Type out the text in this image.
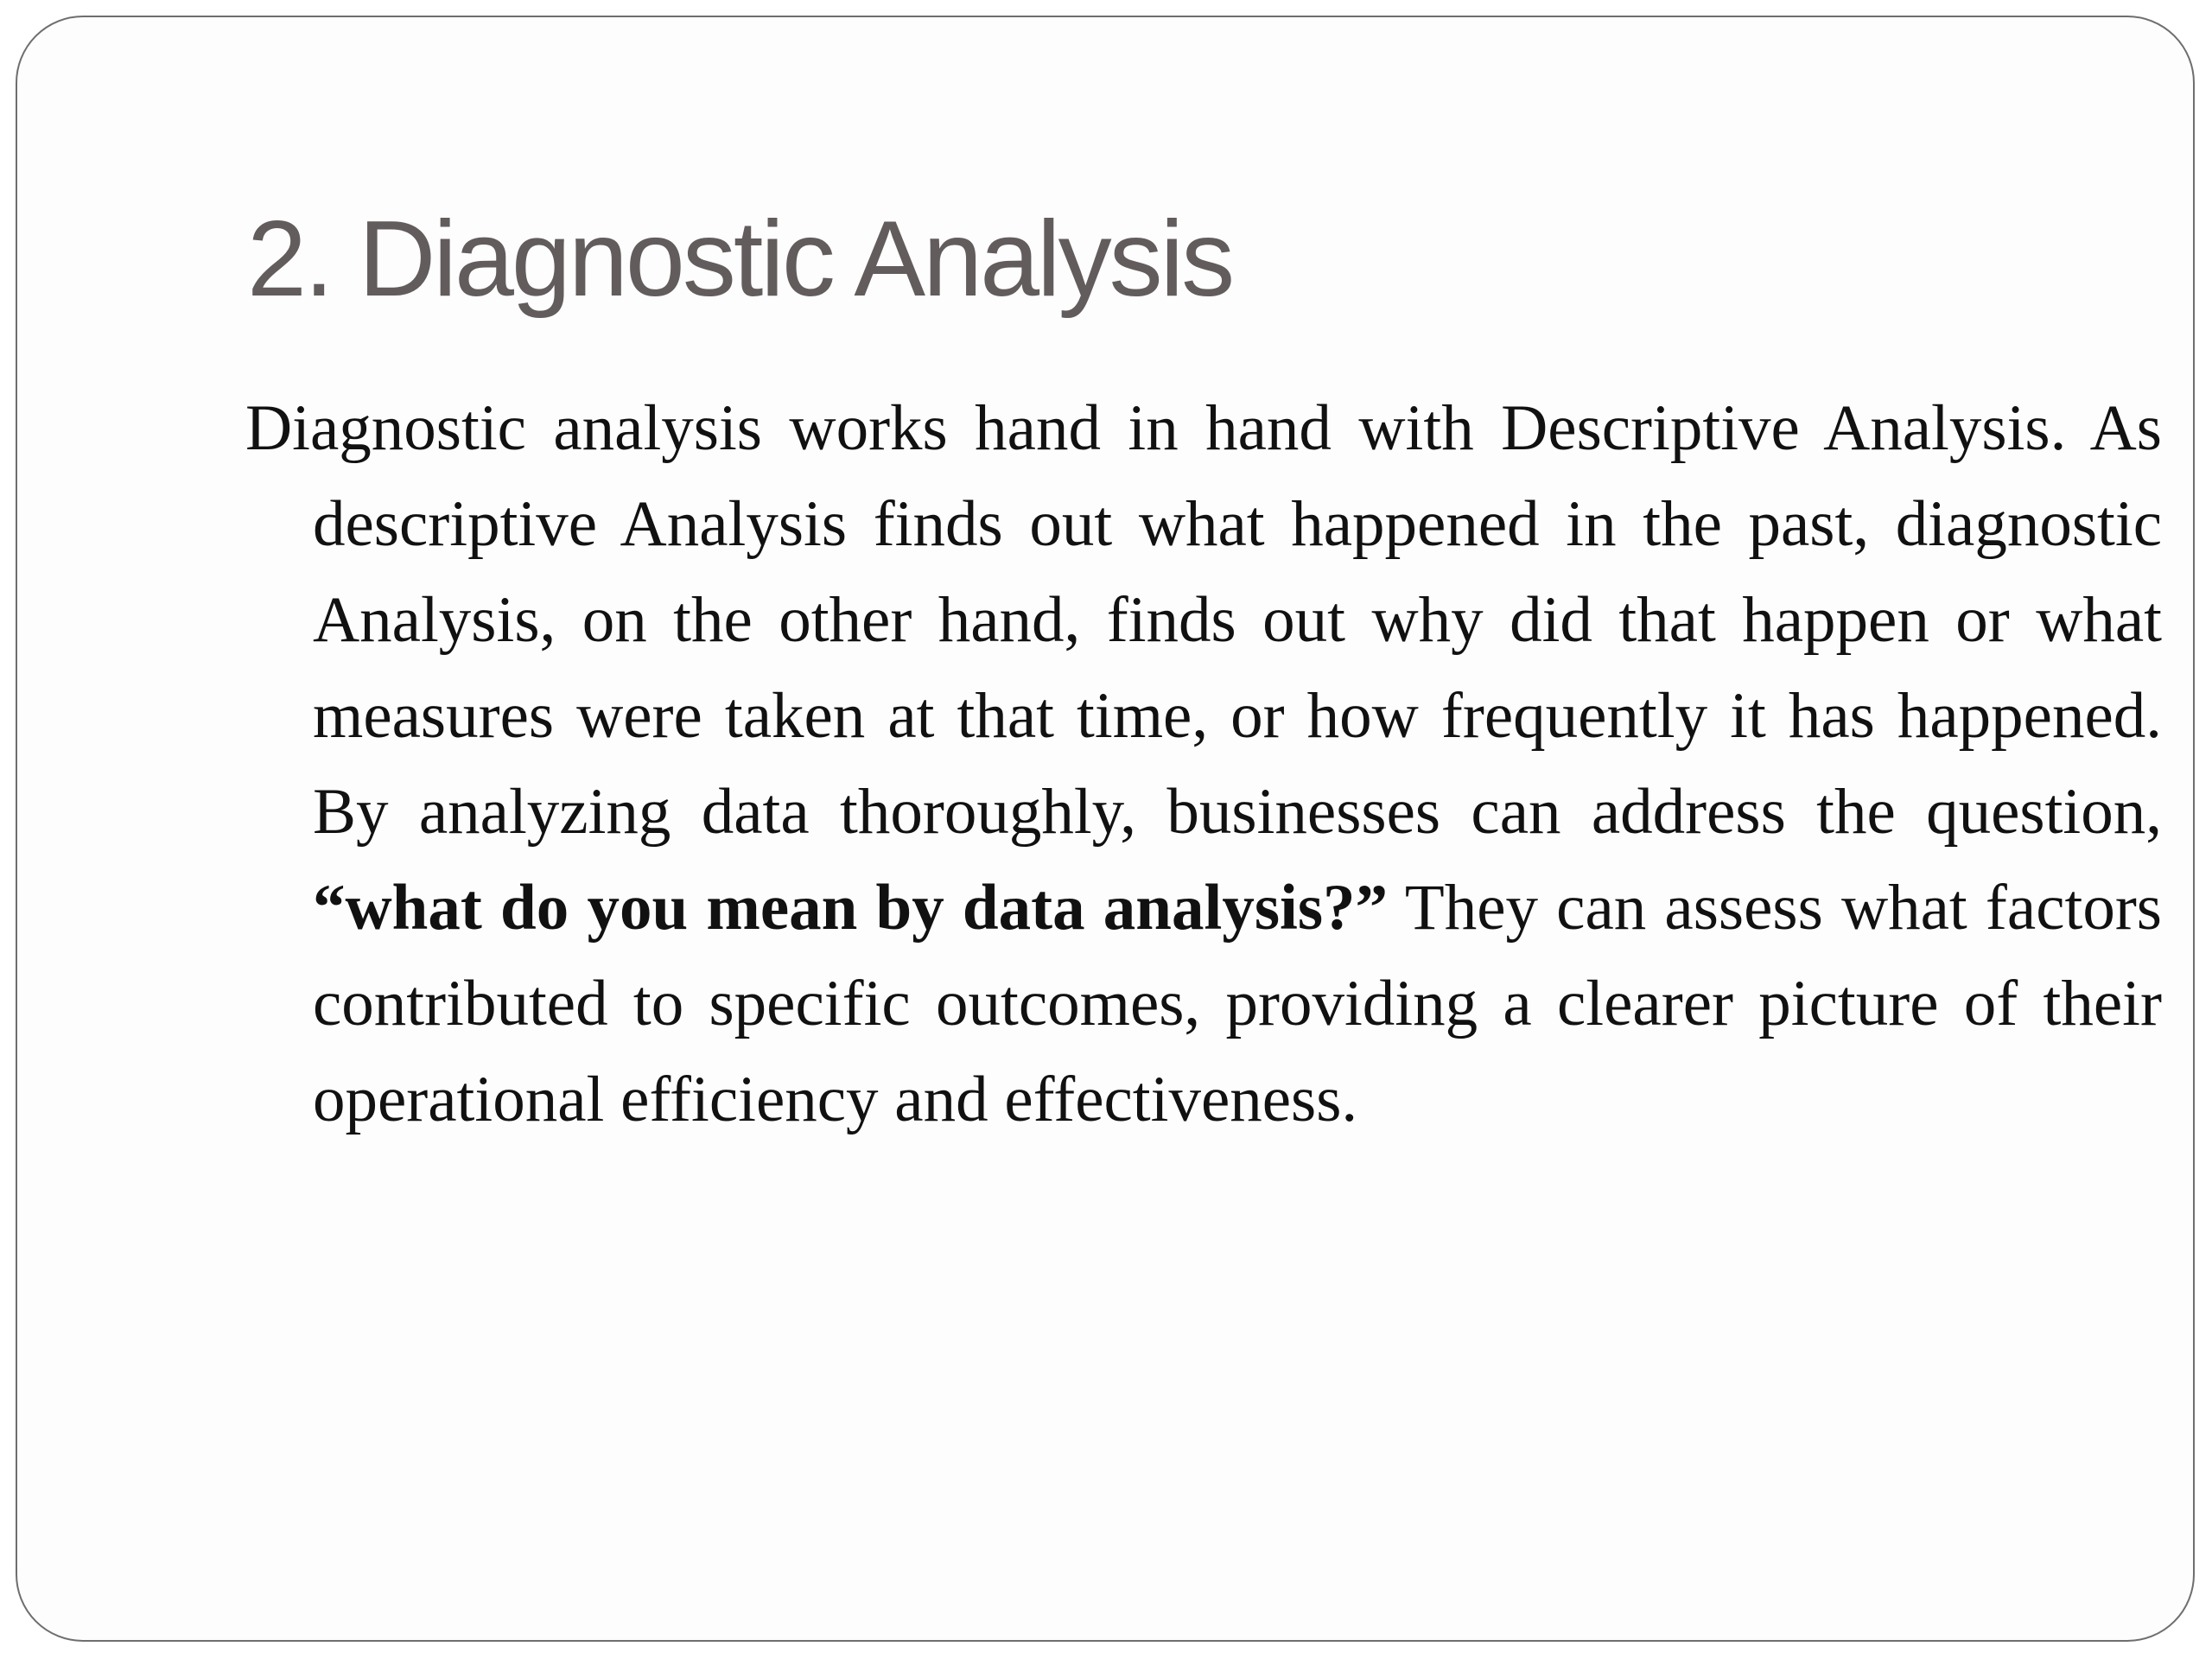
2. Diagnostic Analysis

Diagnostic analysis works hand in hand with Descriptive Analysis. As descriptive Analysis finds out what happened in the past, diagnostic Analysis, on the other hand, finds out why did that happen or what measures were taken at that time, or how frequently it has happened. By analyzing data thoroughly, businesses can address the question, “what do you mean by data analysis?” They can assess what factors contributed to specific outcomes, providing a clearer picture of their operational efficiency and effectiveness.
